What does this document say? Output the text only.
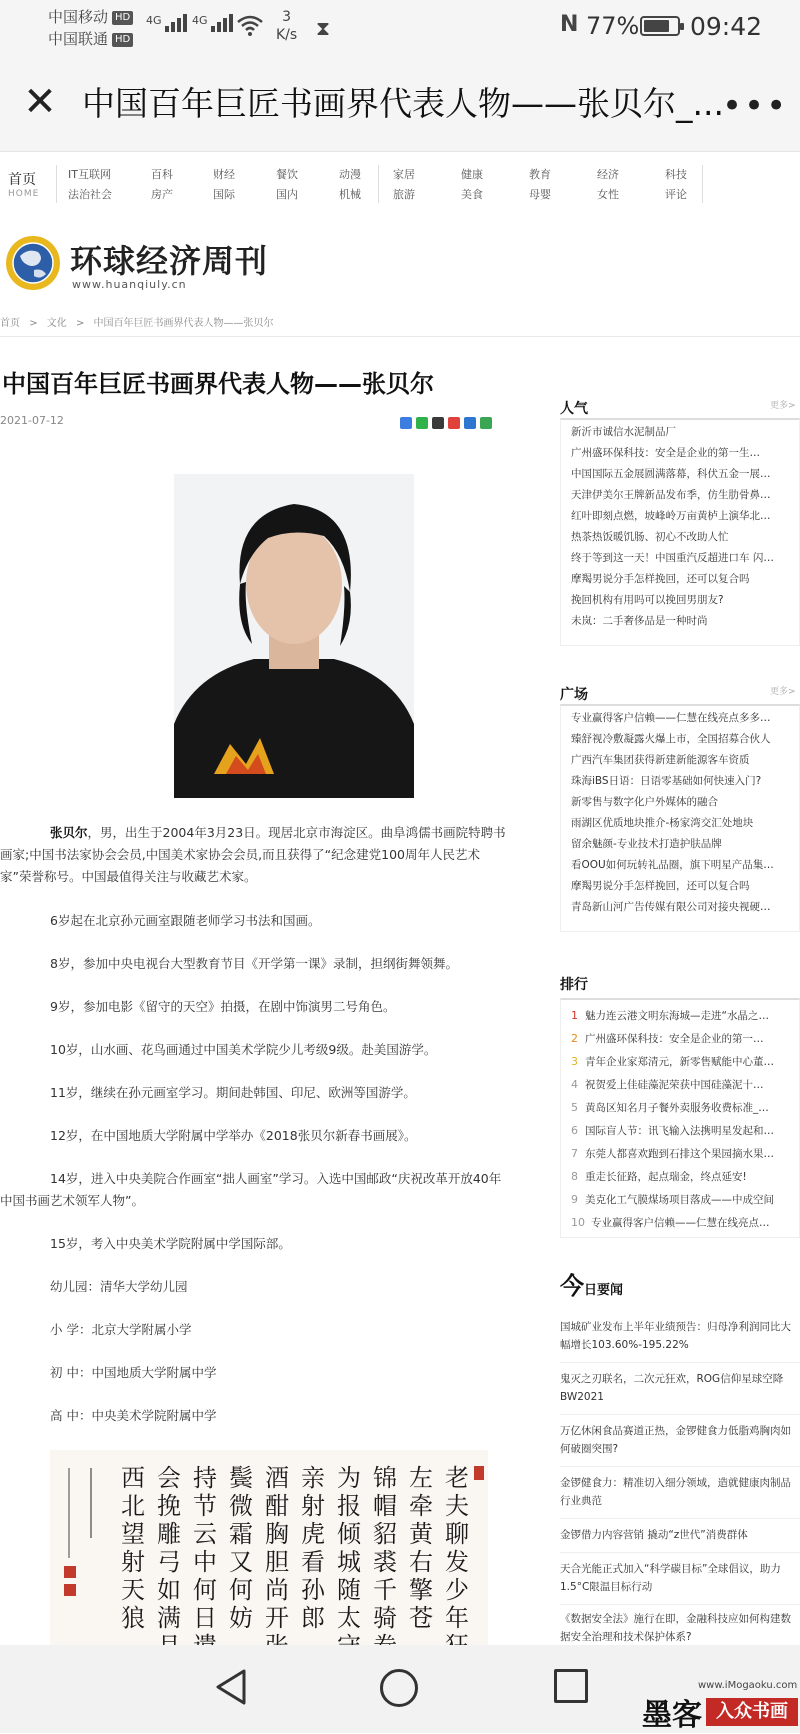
中国移动 HD
中国联通 HD
4G	4G	3
K/s ⧗	N 77% 09:42
✕ 中国百年巨匠书画界代表人物——张贝尔_...
•••
首页
HOME
IT互联网
法治社会
百科
房产
财经
国际
餐饮
国内
动漫
机械
家居
旅游
健康
美食
教育
母婴
经济
女性
科技
评论
环球经济周刊
www.huanqiuly.cn
首页 > 文化 > 中国百年巨匠书画界代表人物——张贝尔
中国百年巨匠书画界代表人物——张贝尔
2021-07-12

张贝尔，男，出生于2004年3月23日。现居北京市海淀区。曲阜鸿儒书画院特聘书画家;中国书法家协会会员,中国美术家协会会员,而且获得了“纪念建党100周年人民艺术家”荣誉称号。中国最值得关注与收藏艺术家。

6岁起在北京孙元画室跟随老师学习书法和国画。

8岁，参加中央电视台大型教育节目《开学第一课》录制，担纲街舞领舞。

9岁，参加电影《留守的天空》拍摄，在剧中饰演男二号角色。

10岁，山水画、花鸟画通过中国美术学院少儿考级9级。赴美国游学。

11岁，继续在孙元画室学习。期间赴韩国、印尼、欧洲等国游学。

12岁，在中国地质大学附属中学举办《2018张贝尔新春书画展》。

14岁，进入中央美院合作画室“拙人画室”学习。入选中国邮政“庆祝改革开放40年中国书画艺术领军人物”。

15岁，考入中央美术学院附属中学国际部。

幼儿园：清华大学幼儿园

小 学：北京大学附属小学

初 中：中国地质大学附属中学

高 中：中央美术学院附属中学

老夫聊发少年
左牵黄右擎苍
锦帽貂裘千骑
为报倾城随太
亲射虎看孙郎
酒酣胸胆尚开
鬓微霜又何妨
持节云中何日
会挽雕弓如满
西北望射天狼
人气	更多>
新沂市诚信水泥制品厂
广州盛环保科技：安全是企业的第一生…
中国国际五金展圆满落幕，科伏五金一展…
天津伊美尔王牌新品发布季，仿生肋骨鼻…
红叶即刻点燃，坡峰岭万亩黄栌上演华北…
热茶热饭暖饥肠、初心不改助人忙
终于等到这一天！中国重汽反超进口车 闪…
摩羯男说分手怎样挽回，还可以复合吗
挽回机构有用吗可以挽回男朋友?
未岚：二手奢侈品是一种时尚
广场	更多>
专业赢得客户信赖——仁慧在线亮点多多…
臻舒视冷敷凝露火爆上市，全国招募合伙人
广西汽车集团获得新建新能源客车资质
珠海iBS日语：日语零基础如何快速入门?
新零售与数字化户外媒体的融合
雨湖区优质地块推介-杨家湾交汇处地块
留余魅颜-专业技术打造护肤品牌
看OOU如何玩转礼品圈，旗下明星产品集…
摩羯男说分手怎样挽回，还可以复合吗
青岛新山河广告传媒有限公司对接央视硬…
排行
1 魅力连云港文明东海城—走进“水晶之…
2 广州盛环保科技：安全是企业的第一…
3 青年企业家郑清元，新零售赋能中心董…
4 祝贺爱上佳硅藻泥荣获中国硅藻泥十…
5 黄岛区知名月子餐外卖服务收费标准_…
6 国际盲人节：讯飞输入法携明星发起和…
7 东莞人都喜欢跑到石排这个果园摘水果…
8 重走长征路，起点瑞金，终点延安!
9 美克化工气膜煤场项目落成——中成空间
10 专业赢得客户信赖——仁慧在线亮点…
今日要闻
国城矿业发布上半年业绩预告：归母净利润同比大幅增长103.60%-195.22%
鬼灭之刃联名，二次元狂欢，ROG信仰星球空降BW2021
万亿休闲食品赛道正热，金锣健食力低脂鸡胸肉如何破圈突围?
金锣健食力：精准切入细分领域，造就健康肉制品行业典范
金锣借力内容营销 撬动“z世代”消费群体
天合光能正式加入“科学碳目标”全球倡议，助力1.5°C限温目标行动
《数据安全法》施行在即，金融科技应如何构建数据安全治理和技术保护体系?
www.iMogaoku.com
墨客 入众书画
